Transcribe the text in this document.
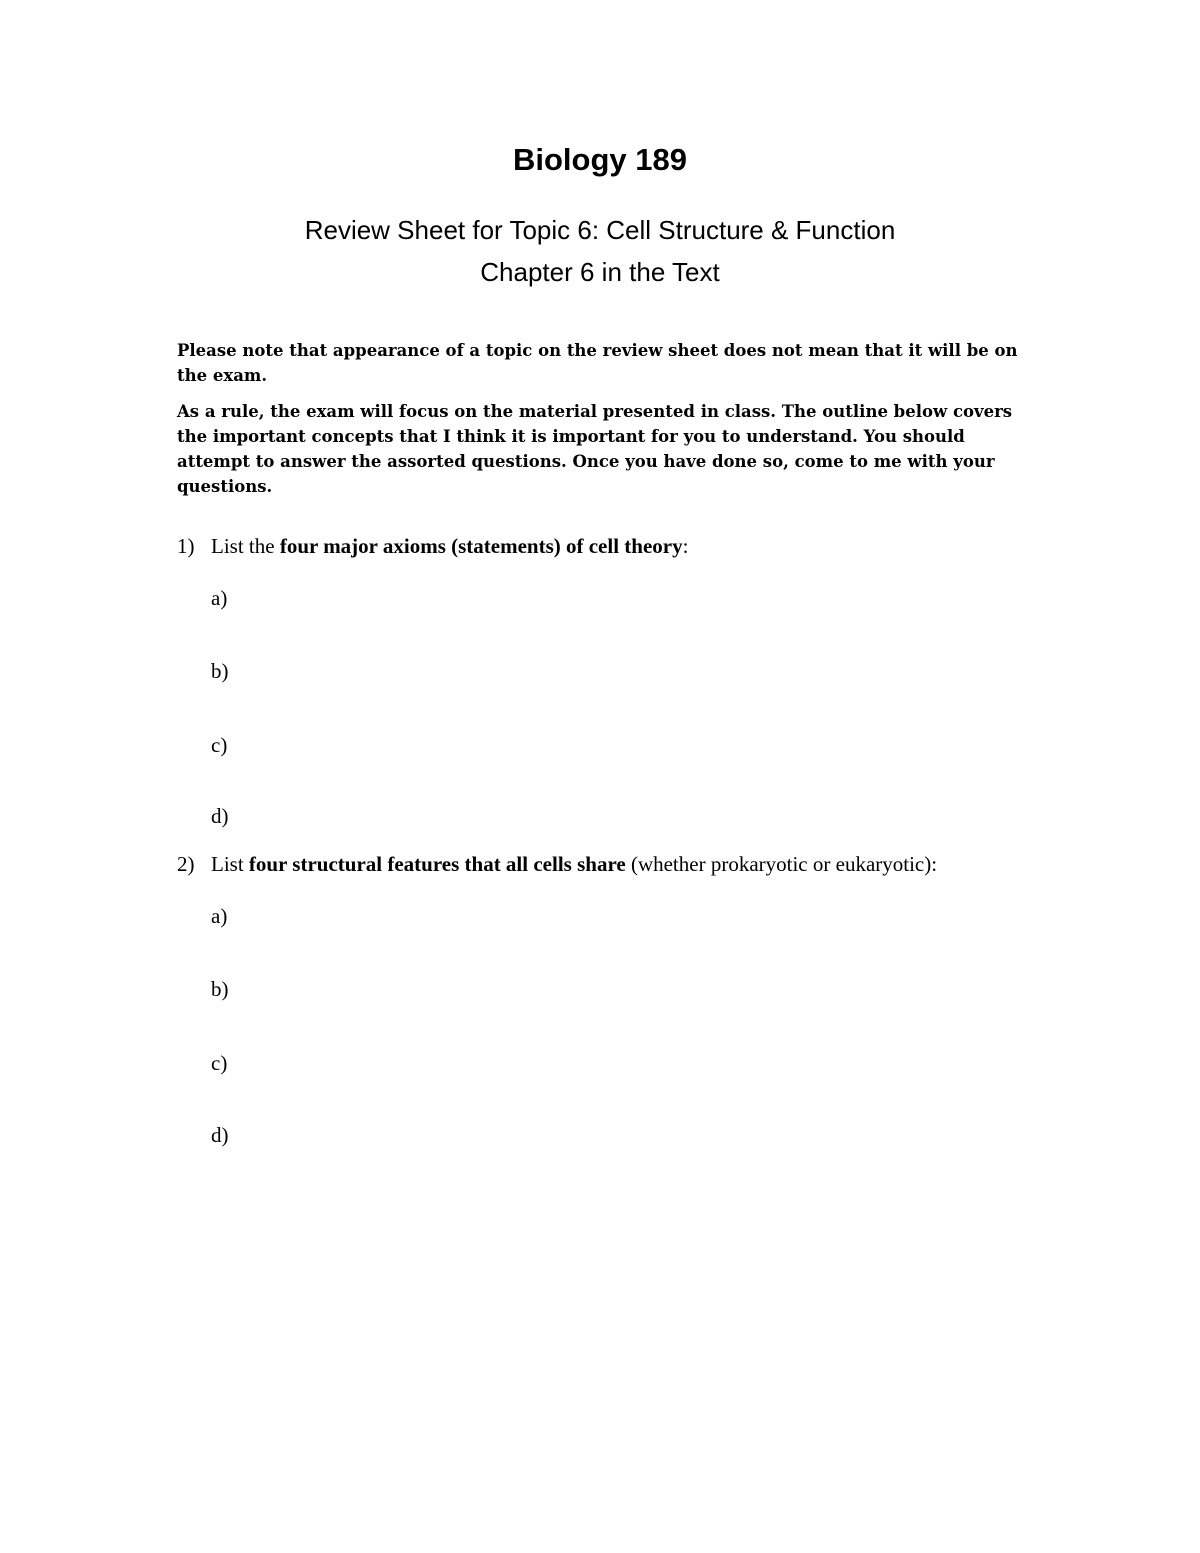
Biology 189
Review Sheet for Topic 6: Cell Structure & Function
Chapter 6 in the Text
Please note that appearance of a topic on the review sheet does not mean that it will be on the exam.
As a rule, the exam will focus on the material presented in class. The outline below covers the important concepts that I think it is important for you to understand. You should attempt to answer the assorted questions. Once you have done so, come to me with your questions.
1) List the four major axioms (statements) of cell theory:
a)
b)
c)
d)
2) List four structural features that all cells share (whether prokaryotic or eukaryotic):
a)
b)
c)
d)
